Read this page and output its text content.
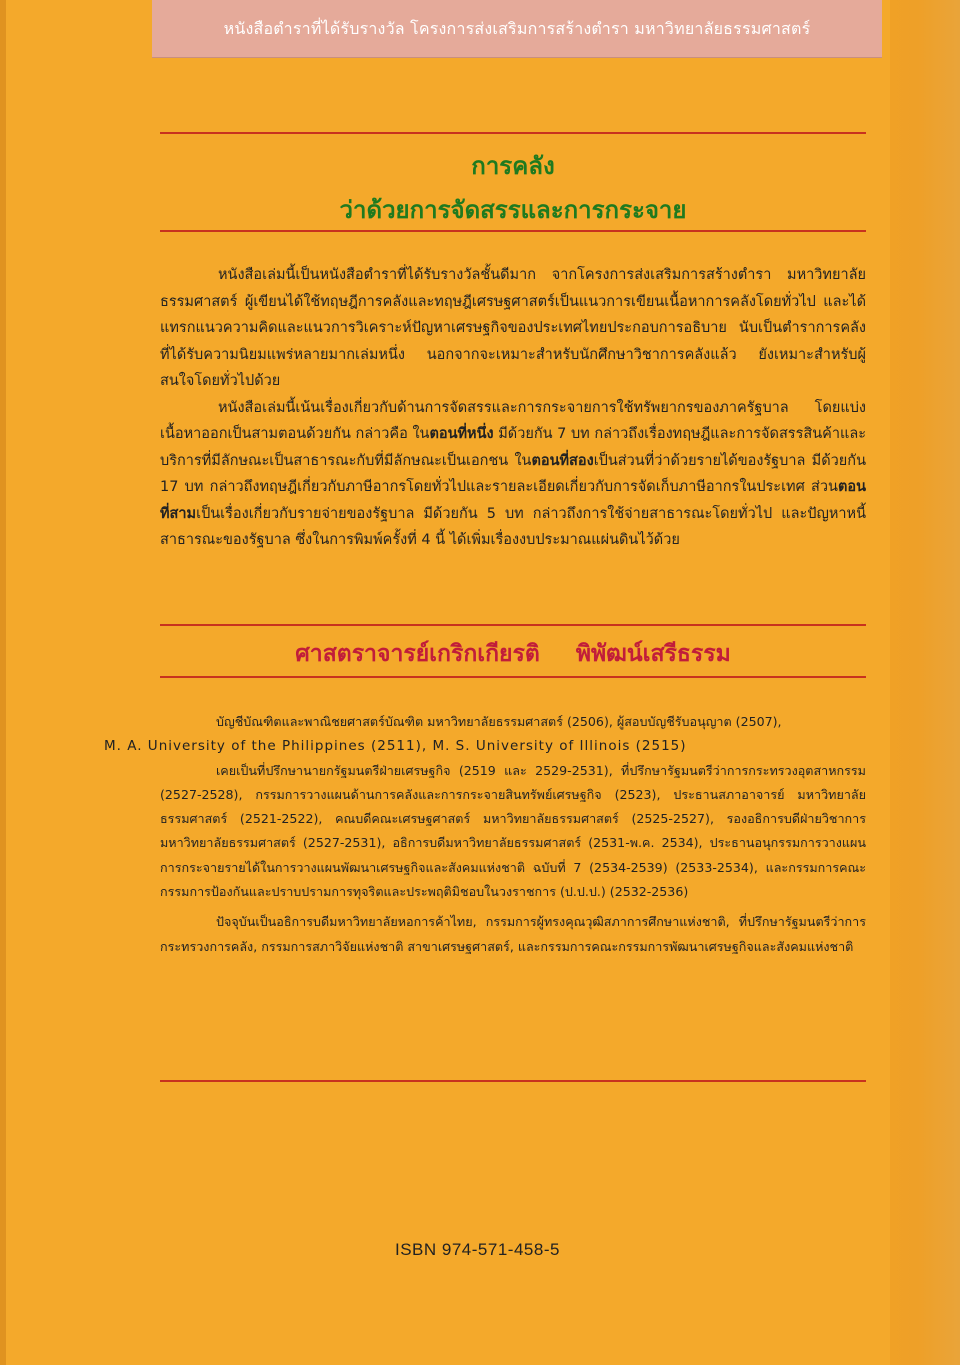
หนังสือตำราที่ได้รับรางวัล โครงการส่งเสริมการสร้างตำรา มหาวิทยาลัยธรรมศาสตร์
การคลัง
ว่าด้วยการจัดสรรและการกระจาย

หนังสือเล่มนี้เป็นหนังสือตำราที่ได้รับรางวัลชั้นดีมาก จากโครงการส่งเสริมการสร้างตำรา มหาวิทยาลัยธรรมศาสตร์ ผู้เขียนได้ใช้ทฤษฎีการคลังและทฤษฎีเศรษฐศาสตร์เป็นแนวการเขียนเนื้อหาการคลังโดยทั่วไป และได้แทรกแนวความคิดและแนวการวิเคราะห์ปัญหาเศรษฐกิจของประเทศไทยประกอบการอธิบาย นับเป็นตำราการคลังที่ได้รับความนิยมแพร่หลายมากเล่มหนึ่ง นอกจากจะเหมาะสำหรับนักศึกษาวิชาการคลังแล้ว ยังเหมาะสำหรับผู้สนใจโดยทั่วไปด้วย

หนังสือเล่มนี้เน้นเรื่องเกี่ยวกับด้านการจัดสรรและการกระจายการใช้ทรัพยากรของภาครัฐบาล โดยแบ่งเนื้อหาออกเป็นสามตอนด้วยกัน กล่าวคือ ในตอนที่หนึ่ง มีด้วยกัน 7 บท กล่าวถึงเรื่องทฤษฎีและการจัดสรรสินค้าและบริการที่มีลักษณะเป็นสาธารณะกับที่มีลักษณะเป็นเอกชน ในตอนที่สองเป็นส่วนที่ว่าด้วยรายได้ของรัฐบาล มีด้วยกัน 17 บท กล่าวถึงทฤษฎีเกี่ยวกับภาษีอากรโดยทั่วไปและรายละเอียดเกี่ยวกับการจัดเก็บภาษีอากรในประเทศ ส่วนตอนที่สามเป็นเรื่องเกี่ยวกับรายจ่ายของรัฐบาล มีด้วยกัน 5 บท กล่าวถึงการใช้จ่ายสาธารณะโดยทั่วไป และปัญหาหนี้สาธารณะของรัฐบาล ซึ่งในการพิมพ์ครั้งที่ 4 นี้ ได้เพิ่มเรื่องงบประมาณแผ่นดินไว้ด้วย

ศาสตราจารย์เกริกเกียรติ พิพัฒน์เสรีธรรม

บัญชีบัณฑิตและพาณิชยศาสตร์บัณฑิต มหาวิทยาลัยธรรมศาสตร์ (2506), ผู้สอบบัญชีรับอนุญาต (2507),
M. A. University of the Philippines (2511), M. S. University of Illinois (2515)

เคยเป็นที่ปรึกษานายกรัฐมนตรีฝ่ายเศรษฐกิจ (2519 และ 2529-2531), ที่ปรึกษารัฐมนตรีว่าการกระทรวงอุตสาหกรรม (2527-2528), กรรมการวางแผนด้านการคลังและการกระจายสินทรัพย์เศรษฐกิจ (2523), ประธานสภาอาจารย์ มหาวิทยาลัยธรรมศาสตร์ (2521-2522), คณบดีคณะเศรษฐศาสตร์ มหาวิทยาลัยธรรมศาสตร์ (2525-2527), รองอธิการบดีฝ่ายวิชาการ มหาวิทยาลัยธรรมศาสตร์ (2527-2531), อธิการบดีมหาวิทยาลัยธรรมศาสตร์ (2531-พ.ค. 2534), ประธานอนุกรรมการวางแผนการกระจายรายได้ในการวางแผนพัฒนาเศรษฐกิจและสังคมแห่งชาติ ฉบับที่ 7 (2534-2539) (2533-2534), และกรรมการคณะกรรมการป้องกันและปราบปรามการทุจริตและประพฤติมิชอบในวงราชการ (ป.ป.ป.) (2532-2536)

ปัจจุบันเป็นอธิการบดีมหาวิทยาลัยหอการค้าไทย, กรรมการผู้ทรงคุณวุฒิสภาการศึกษาแห่งชาติ, ที่ปรึกษารัฐมนตรีว่าการกระทรวงการคลัง, กรรมการสภาวิจัยแห่งชาติ สาขาเศรษฐศาสตร์, และกรรมการคณะกรรมการพัฒนาเศรษฐกิจและสังคมแห่งชาติ

ISBN 974-571-458-5
